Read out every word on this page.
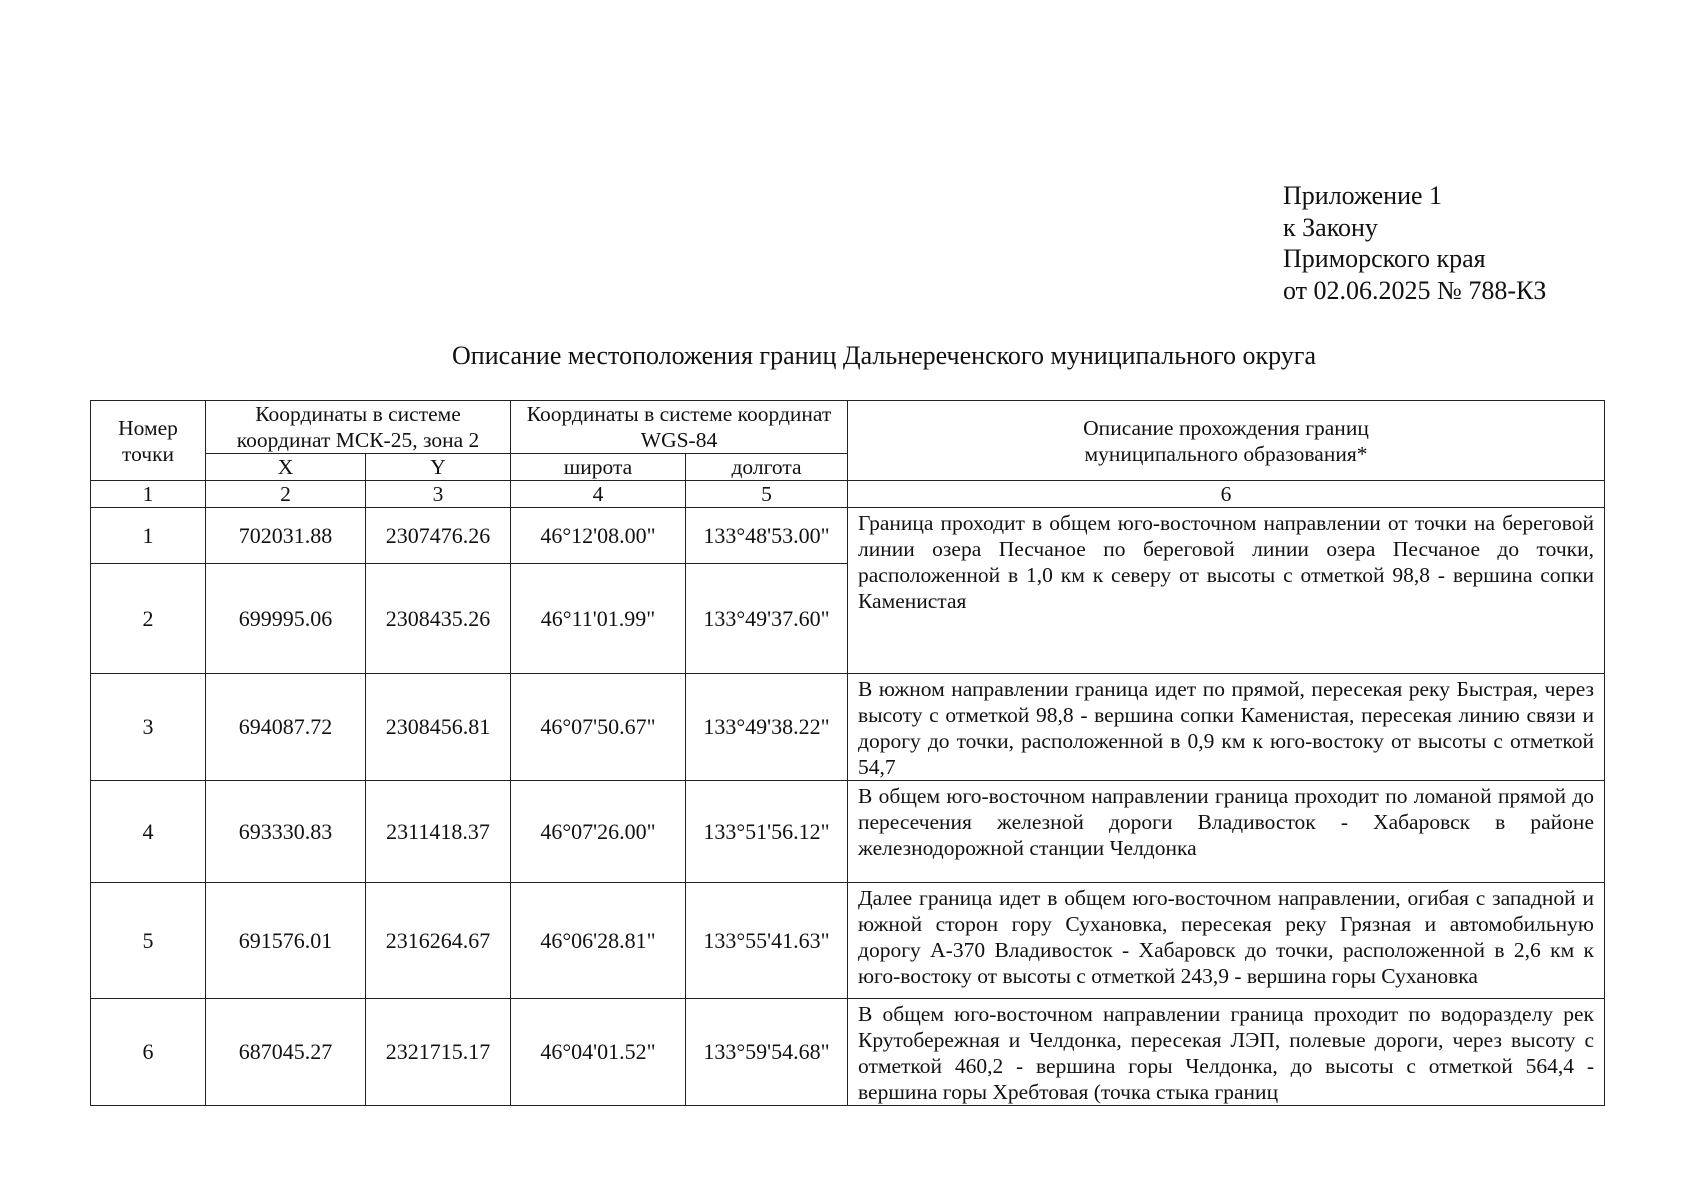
Приложение 1
к Закону
Приморского края
от 02.06.2025 № 788-КЗ
Описание местоположения границ Дальнереченского муниципального округа
Номер точки	Координаты в системе координат МСК-25, зона 2		Координаты в системе координат WGS-84		Описание прохождения границ муниципального образования*
	X	Y	широта	долгота	
1	2	3	4	5	6
1	702031.88	2307476.26	46°12'08.00"	133°48'53.00"	Граница проходит в общем юго-восточном направлении от точки на береговой линии озера Песчаное по береговой линии озера Песчаное до точки, расположенной в 1,0 км к северу от высоты с отметкой 98,8 - вершина сопки Каменистая

2	699995.06	2308435.26	46°11'01.99"	133°49'37.60"	
3	694087.72	2308456.81	46°07'50.67"	133°49'38.22"	В южном направлении граница идет по прямой, пересекая реку Быстрая, через высоту с отметкой 98,8 - вершина сопки Каменистая, пересекая линию связи и дорогу до точки, расположенной в 0,9 км к юго-востоку от высоты с отметкой 54,7

4	693330.83	2311418.37	46°07'26.00"	133°51'56.12"	В общем юго-восточном направлении граница проходит по ломаной прямой до пересечения железной дороги Владивосток - Хабаровск в районе железнодорожной станции Челдонка

5	691576.01	2316264.67	46°06'28.81"	133°55'41.63"	Далее граница идет в общем юго-восточном направлении, огибая с западной и южной сторон гору Сухановка, пересекая реку Грязная и автомобильную дорогу А-370 Владивосток - Хабаровск до точки, расположенной в 2,6 км к юго-востоку от высоты с отметкой 243,9 - вершина горы Сухановка

6	687045.27	2321715.17	46°04'01.52"	133°59'54.68"	В общем юго-восточном направлении граница проходит по водоразделу рек Крутобережная и Челдонка, пересекая ЛЭП, полевые дороги, через высоту с отметкой 460,2 - вершина горы Челдонка, до высоты с отметкой 564,4 - вершина горы Хребтовая (точка стыка границ
